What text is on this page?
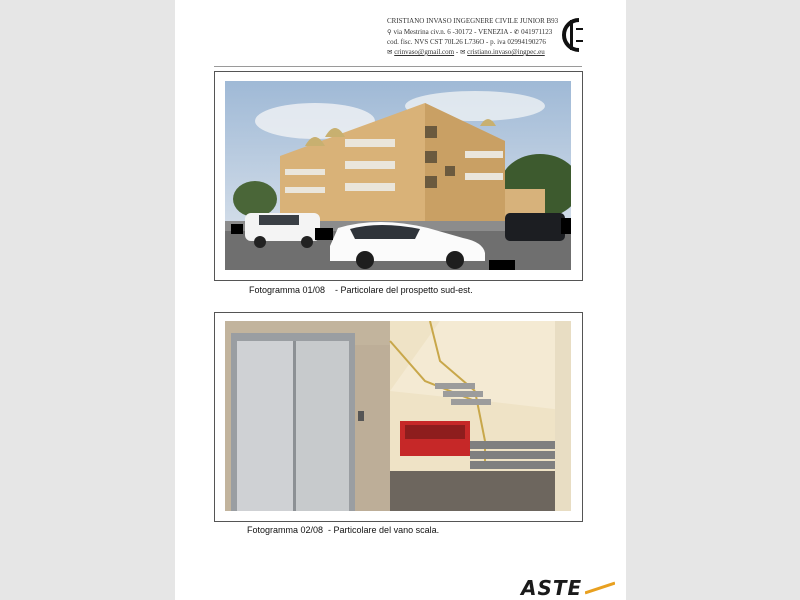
CRISTIANO INVASO INGEGNERE CIVILE JUNIOR B93
⚲ via Mestrina civ.n. 6 -30172 - VENEZIA - ✆ 041971123
cod. fisc. NVS CST 70L26 L736O - p. iva 02994190276
✉ crinvaso@gmail.com - ✉ cristiano.invaso@ingpec.eu
Fotogramma 01/08    - Particolare del prospetto sud-est.
Fotogramma 02/08  - Particolare del vano scala.
ASTE
